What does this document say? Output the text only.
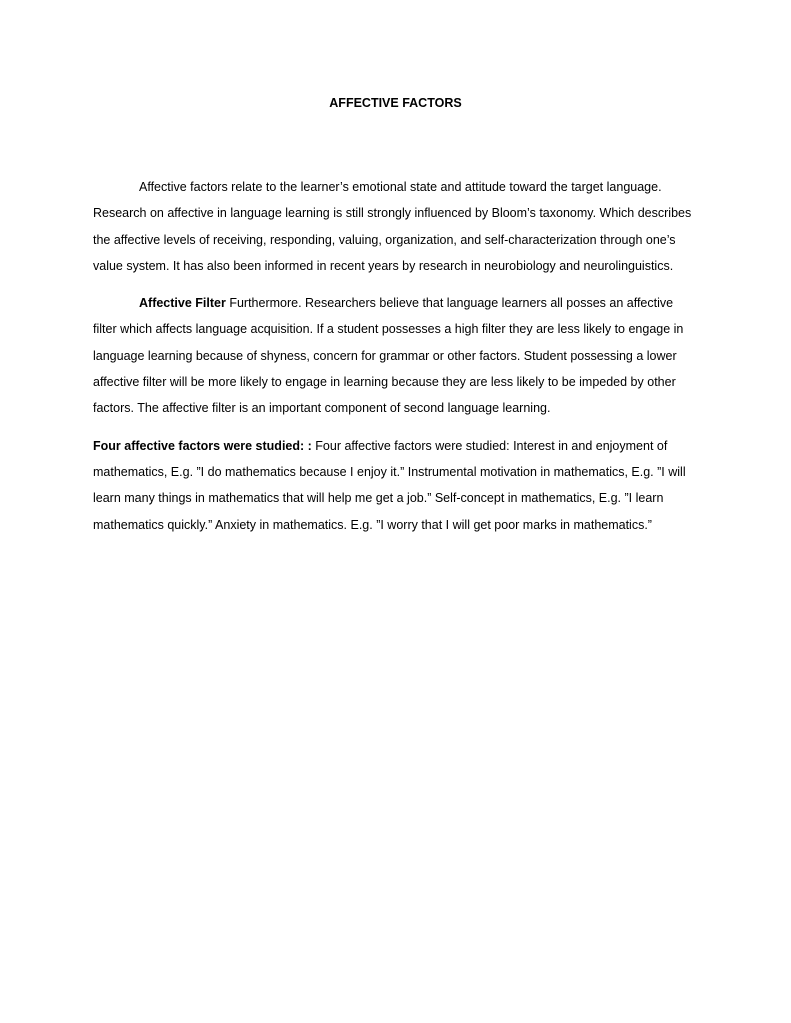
AFFECTIVE FACTORS

Affective factors relate to the learner’s emotional state and attitude toward the target language. Research on affective in language learning is still strongly influenced by Bloom’s taxonomy. Which describes the affective levels of receiving, responding, valuing, organization, and self-characterization through one’s value system. It has also been informed in recent years by research in neurobiology and neurolinguistics.

Affective Filter Furthermore. Researchers believe that language learners all posses an affective filter which affects language acquisition. If a student possesses a high filter they are less likely to engage in language learning because of shyness, concern for grammar or other factors. Student possessing a lower affective filter will be more likely to engage in learning because they are less likely to be impeded by other factors. The affective filter is an important component of second language learning.

Four affective factors were studied: : Four affective factors were studied: Interest in and enjoyment of mathematics, E.g. ”I do mathematics because I enjoy it.” Instrumental motivation in mathematics, E.g. ”I will learn many things in mathematics that will help me get a job.” Self-concept in mathematics, E.g. ”I learn mathematics quickly.” Anxiety in mathematics. E.g. ”I worry that I will get poor marks in mathematics.”
